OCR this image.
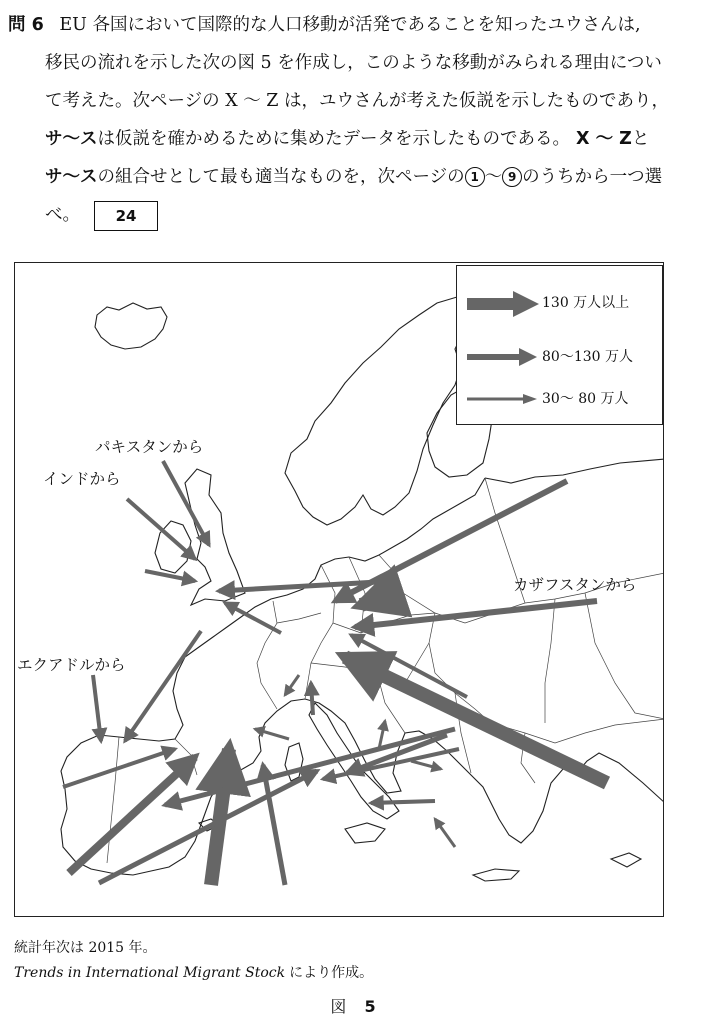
問 6 EU 各国において国際的な人口移動が活発であることを知ったユウさんは,
移民の流れを示した次の図 5 を作成し，このような移動がみられる理由につい
て考えた。次ページの X ～ Z は，ユウさんが考えた仮説を示したものであり，
サ～スは仮説を確かめるために集めたデータを示したものである。 X ～ Zと
サ～スの組合せとして最も適当なものを，次ページの 1 ～ 9 のうちから一つ選
べ。 24
130 万人以上
80～130 万人
30～ 80 万人
パキスタンから
インドから
カザフスタンから
エクアドルから
統計年次は 2015 年。
Trends in International Migrant Stock により作成。
図 5
